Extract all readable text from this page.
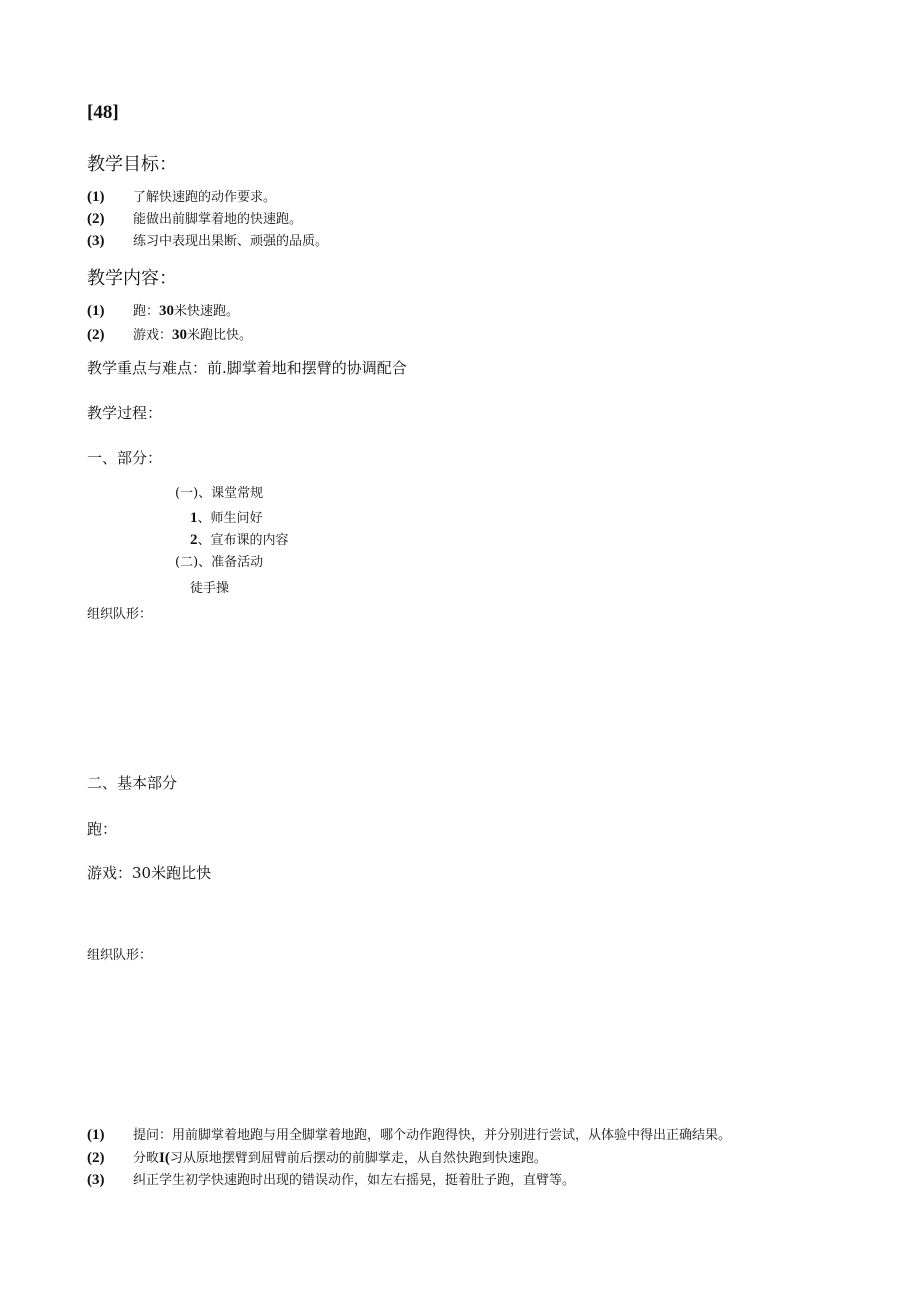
[48]
教学目标：
(1) 了解快速跑的动作要求。
(2) 能做出前脚掌着地的快速跑。
(3) 练习中表现出果断、顽强的品质。
教学内容：
(1) 跑：30米快速跑。
(2) 游戏：30米跑比快。
教学重点与难点：前.脚掌着地和摆臂的协调配合
教学过程：
一、部分：
(一)、课堂常规
1、师生问好
2、宣布课的内容
(二)、准备活动
徒手操
组织队形：
二、基本部分
跑：
游戏：30米跑比快
组织队形：
(1) 提问：用前脚掌着地跑与用全脚掌着地跑，哪个动作跑得快，并分别进行尝试，从体验中得出正确结果。
(2) 分畋I(习从原地摆臂到屈臂前后摆动的前脚掌走，从自然快跑到快速跑。
(3) 纠正学生初学快速跑时出现的错误动作，如左右摇晃，挺着肚子跑，直臂等。
